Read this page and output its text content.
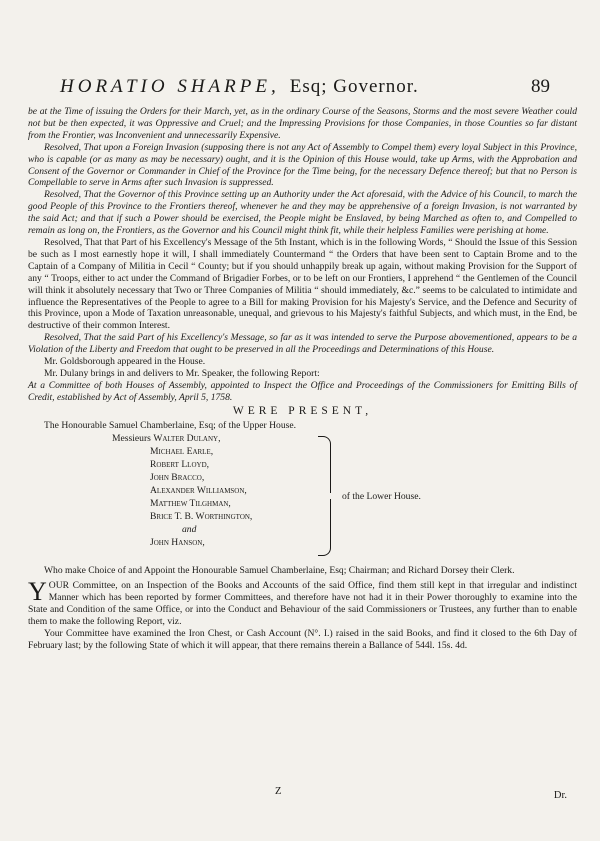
HORATIO SHARPE, Esq; Governor.	89

be at the Time of issuing the Orders for their March, yet, as in the ordinary Course of the Seasons, Storms and the most severe Weather could not but be then expected, it was Oppressive and Cruel; and the Impressing Provisions for those Companies, in those Counties so far distant from the Frontier, was Inconvenient and unnecessarily Expensive.

Resolved, That upon a Foreign Invasion (supposing there is not any Act of Assembly to Compel them) every loyal Subject in this Province, who is capable (or as many as may be necessary) ought, and it is the Opinion of this House would, take up Arms, with the Approbation and Consent of the Governor or Commander in Chief of the Province for the Time being, for the necessary Defence thereof; but that no Person is Compellable to serve in Arms after such Invasion is suppressed.

Resolved, That the Governor of this Province setting up an Authority under the Act aforesaid, with the Advice of his Council, to march the good People of this Province to the Frontiers thereof, whenever he and they may be apprehensive of a foreign Invasion, is not warranted by the said Act; and that if such a Power should be exercised, the People might be Enslaved, by being Marched as often to, and Compelled to remain as long on, the Frontiers, as the Governor and his Council might think fit, while their helpless Families were perishing at home.

Resolved, That that Part of his Excellency's Message of the 5th Instant, which is in the following Words, “ Should the Issue of this Session be such as I most earnestly hope it will, I shall immediately Countermand “ the Orders that have been sent to Captain Brome and to the Captain of a Company of Militia in Cecil “ County; but if you should unhappily break up again, without making Provision for the Support of any “ Troops, either to act under the Command of Brigadier Forbes, or to be left on our Frontiers, I apprehend “ the Gentlemen of the Council will think it absolutely necessary that Two or Three Companies of Militia “ should immediately, &c.” seems to be calculated to intimidate and influence the Representatives of the People to agree to a Bill for making Provision for his Majesty's Service, and the Defence and Security of this Province, upon a Mode of Taxation unreasonable, unequal, and grievous to his Majesty's faithful Subjects, and which must, in the End, be destructive of their common Interest.

Resolved, That the said Part of his Excellency's Message, so far as it was intended to serve the Purpose abovementioned, appears to be a Violation of the Liberty and Freedom that ought to be preserved in all the Proceedings and Determinations of this House.

Mr. Goldsborough appeared in the House.

Mr. Dulany brings in and delivers to Mr. Speaker, the following Report:

At a Committee of both Houses of Assembly, appointed to Inspect the Office and Proceedings of the Commissioners for Emitting Bills of Credit, established by Act of Assembly, April 5, 1758.

WERE PRESENT,

The Honourable Samuel Chamberlaine, Esq; of the Upper House.

Messieurs Walter Dulany,
Michael Earle,
Robert Lloyd,
John Bracco,
Alexander Williamson,
Matthew Tilghman,
Brice T. B. Worthington,
and
John Hanson,
of the Lower House.

Who make Choice of and Appoint the Honourable Samuel Chamberlaine, Esq; Chairman; and Richard Dorsey their Clerk.

YOUR Committee, on an Inspection of the Books and Accounts of the said Office, find them still kept in that irregular and indistinct Manner which has been reported by former Committees, and therefore have not had it in their Power thoroughly to examine into the State and Condition of the same Office, or into the Conduct and Behaviour of the said Commissioners or Trustees, any further than to enable them to make the following Report, viz.

Your Committee have examined the Iron Chest, or Cash Account (N°. I.) raised in the said Books, and find it closed to the 6th Day of February last; by the following State of which it will appear, that there remains therein a Ballance of 544l. 15s. 4d.

Z	Dr.
